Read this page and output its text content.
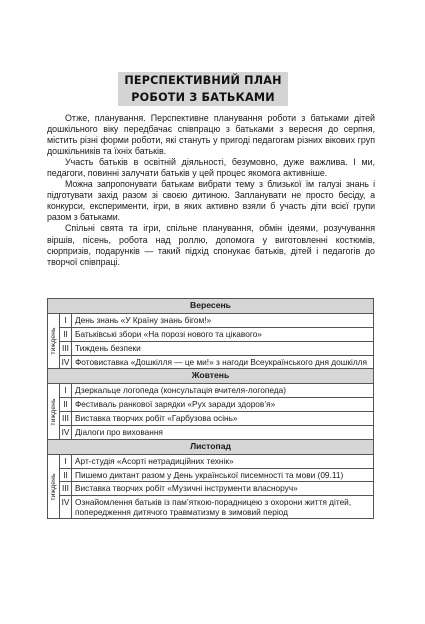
ПЕРСПЕКТИВНИЙ ПЛАН
РОБОТИ З БАТЬКАМИ

Отже, планування. Перспективне планування роботи з батьками дітей дошкільного віку передбачає співпрацю з батьками з вересня до серпня, містить різні форми роботи, які стануть у пригоді педагогам різних вікових груп дошкільників та їхніх батьків.

Участь батьків в освітній діяльності, безумовно, дуже важлива. І ми, педагоги, повинні залучати батьків у цей процес якомога активніше.

Можна запропонувати батькам вибрати тему з близької їм галузі знань і підготувати захід разом зі своєю дитиною. Запланувати не просто бесіду, а конкурси, експерименти, ігри, в яких активно взяли б участь діти всієї групи разом з батьками.

Спільні свята та ігри, спільне планування, обмін ідеями, розучування віршів, пісень, робота над роллю, допомога у виготовленні костюмів, сюрпризів, подарунків — такий підхід спонукає батьків, дітей і педагогів до творчої співпраці.

Вересень		

тиждень	I	День знань «У Країну знань бігом!»
	II	Батьківські збори «На порозі нового та цікавого»
	III	Тиждень безпеки
	IV	Фотовиставка «Дошкілля — це ми!» з нагоди Всеукраїнського дня дошкілля
Жовтень		

тиждень	I	Дзеркальце логопеда (консультація вчителя-логопеда)
	II	Фестиваль ранкової зарядки «Рух заради здоров’я»
	III	Виставка творчих робіт «Гарбузова осінь»
	IV	Діалоги про виховання
Листопад		

тиждень	I	Арт-студія «Асорті нетрадиційних технік»
	II	Пишемо диктант разом у День української писемності та мови (09.11)
	III	Виставка творчих робіт «Музичні інструменти власноруч»
	IV	Ознайомлення батьків із пам’яткою-порадницею з охорони життя дітей, попередження дитячого травматизму в зимовий період
